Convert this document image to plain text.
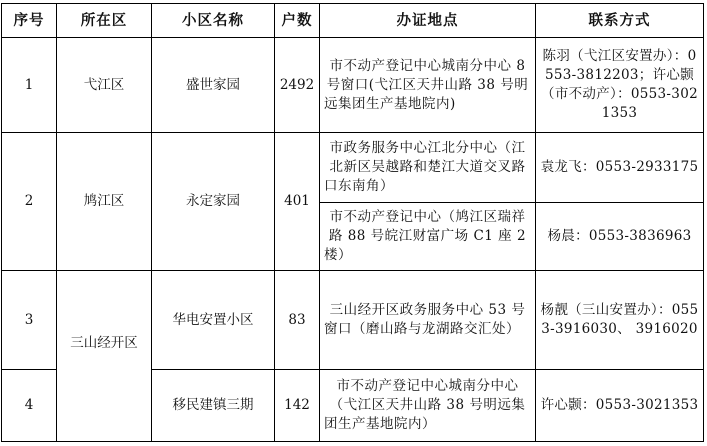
序号	所在区	小区名称	户数	办证地点	联系方式
1	弋江区	盛世家园	2492	市不动产登记中心城南分中心 8 号窗口(弋江区天井山路 38 号明远集团生产基地院内)	陈羽（弋江区安置办）：0553-3812203；许心颢（市不动产）：0553-3021353
2	鸠江区	永定家园	401	市政务服务中心江北分中心（江北新区吴越路和楚江大道交叉路口东南角）	袁龙飞：0553-2933175
				市不动产登记中心（鸠江区瑞祥路 88 号皖江财富广场 C1 座 2 楼）	杨晨：0553-3836963
3	三山经开区	华电安置小区	83	三山经开区政务服务中心 53 号窗口（磨山路与龙湖路交汇处）	杨靓（三山安置办）：0553-3916030、 3916020
4		移民建镇三期	142	市不动产登记中心城南分中心（弋江区天井山路 38 号明远集团生产基地院内）	许心颢：0553-3021353
